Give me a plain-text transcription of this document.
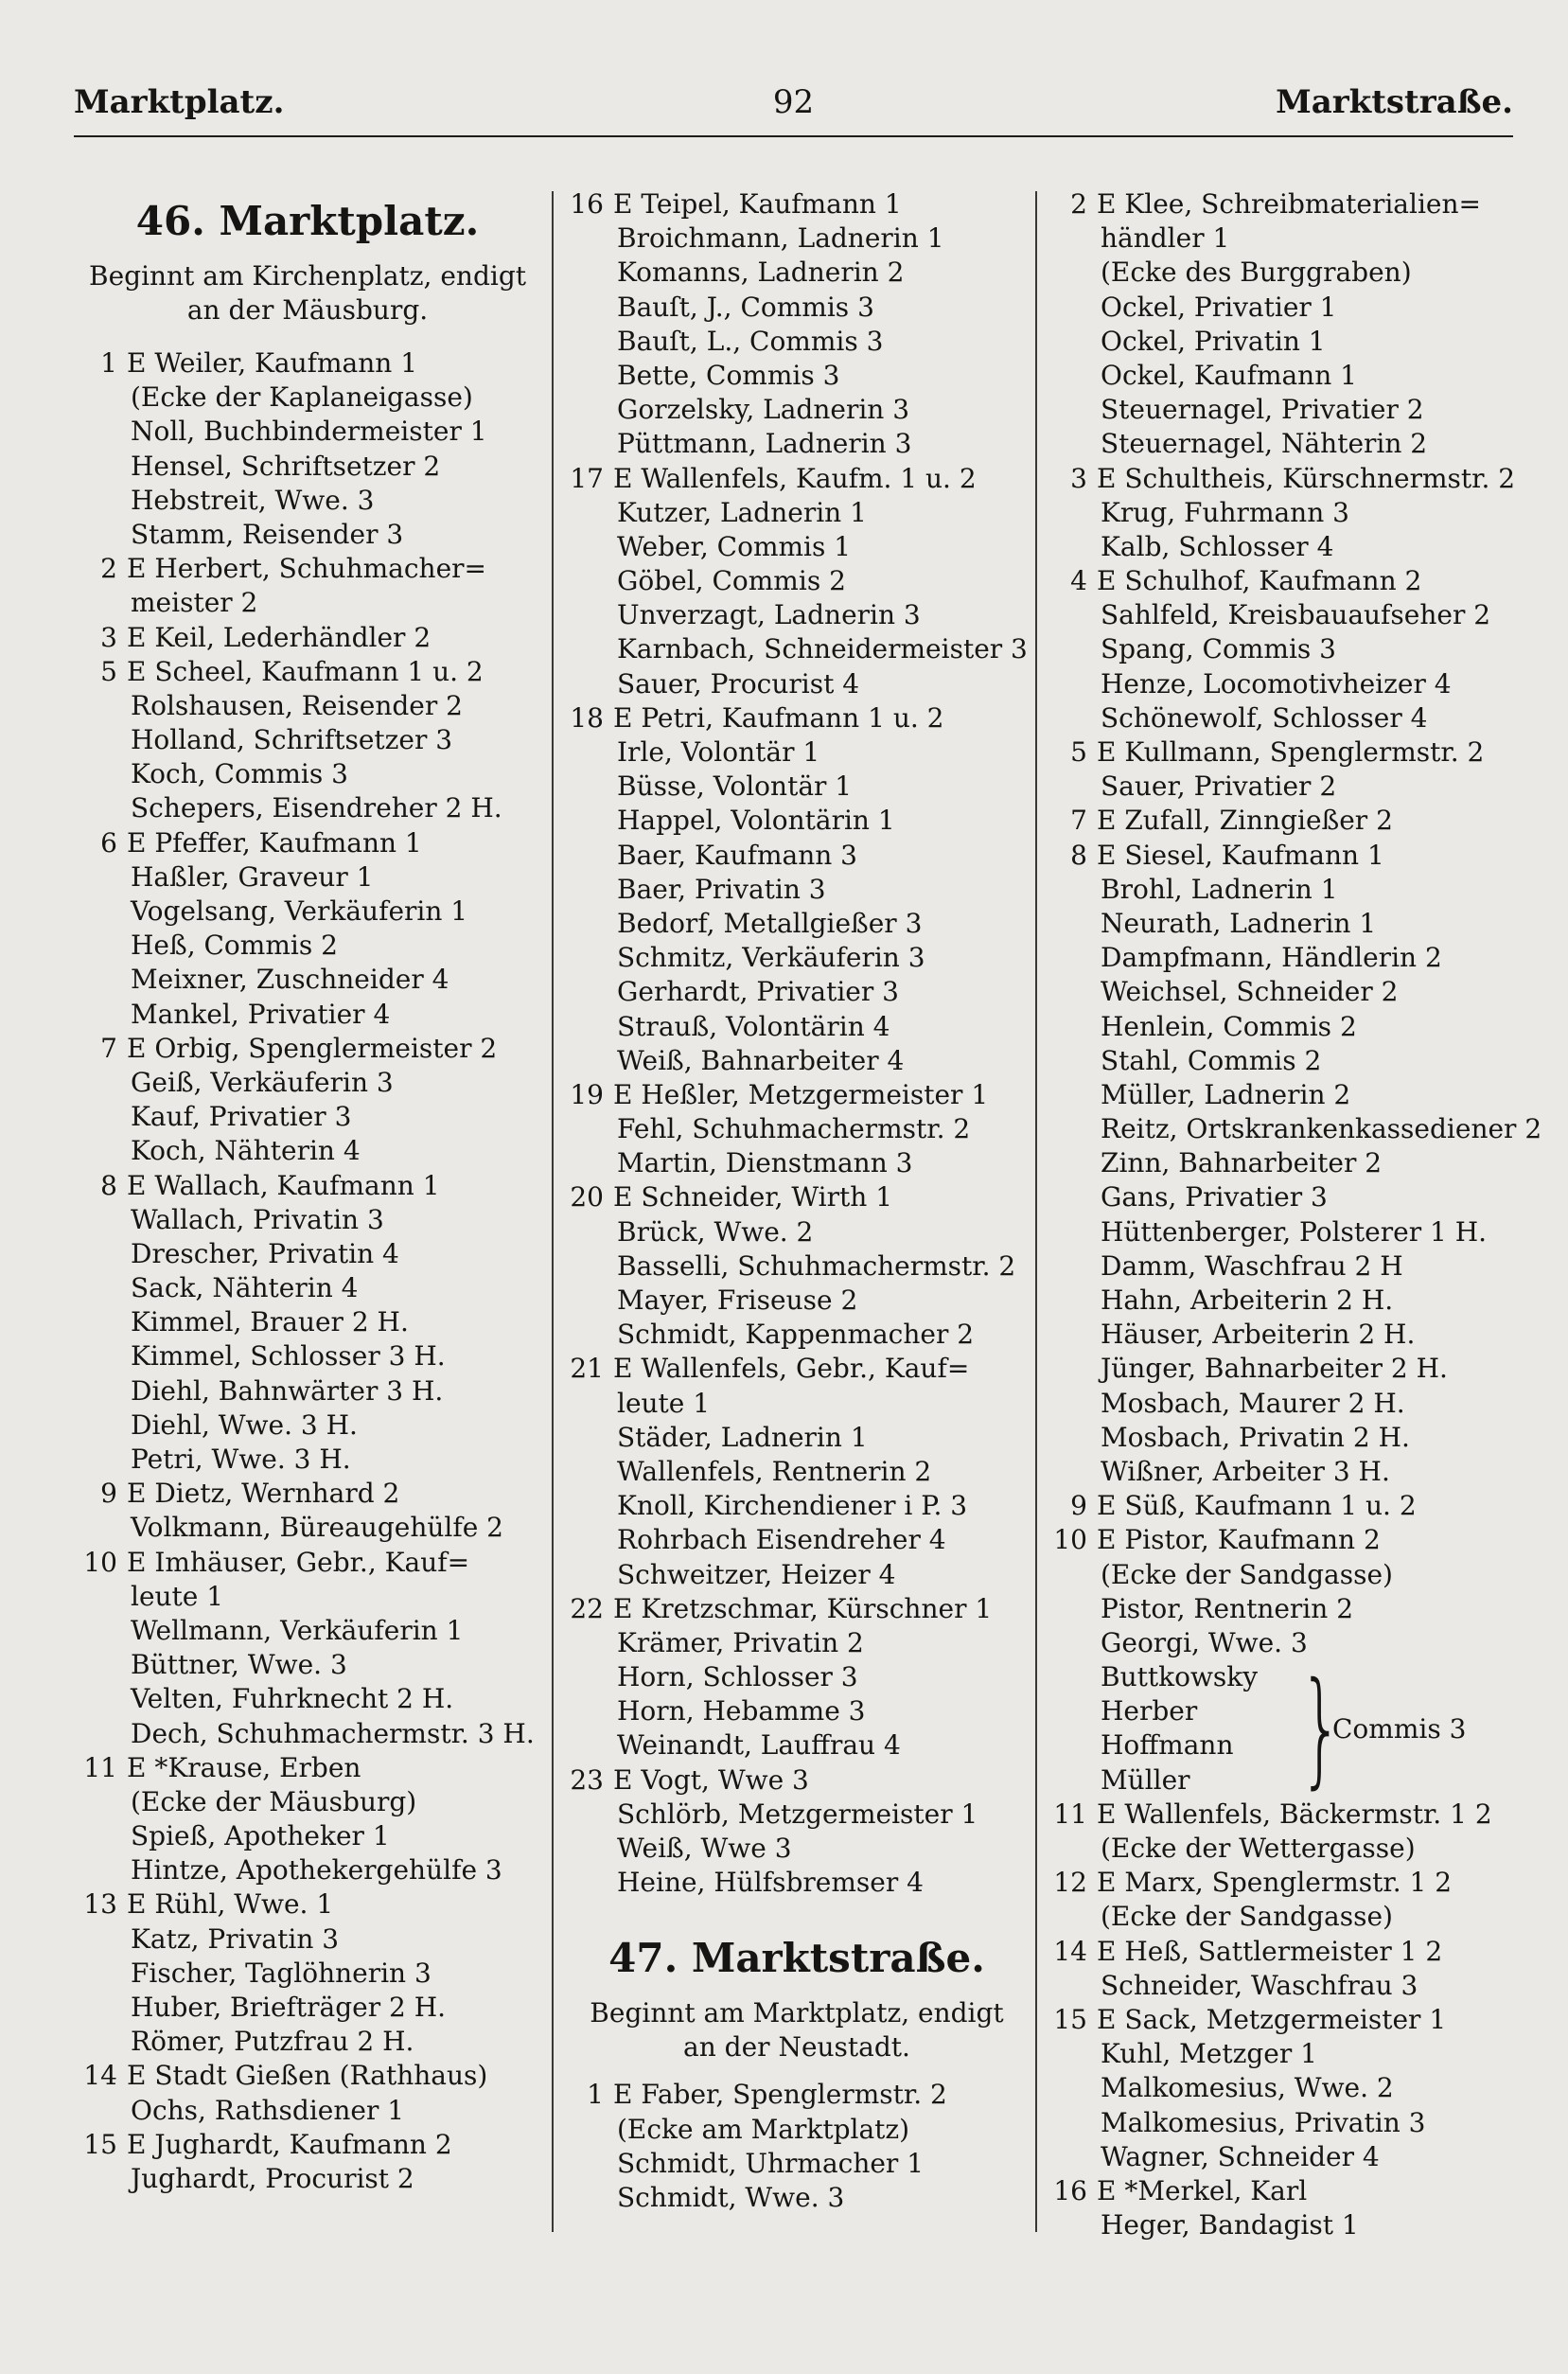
Marktplatz.	92	Marktstraße.
46. Marktplatz.
Beginnt am Kirchenplatz, endigt
an der Mäusburg.
1 E Weiler, Kaufmann 1
(Ecke der Kaplaneigasse)
Noll, Buchbindermeister 1
Hensel, Schriftsetzer 2
Hebstreit, Wwe. 3
Stamm, Reisender 3
2 E Herbert, Schuhmacher=
meister 2
3 E Keil, Lederhändler 2
5 E Scheel, Kaufmann 1 u. 2
Rolshausen, Reisender 2
Holland, Schriftsetzer 3
Koch, Commis 3
Schepers, Eisendreher 2 H.
6 E Pfeffer, Kaufmann 1
Haßler, Graveur 1
Vogelsang, Verkäuferin 1
Heß, Commis 2
Meixner, Zuschneider 4
Mankel, Privatier 4
7 E Orbig, Spenglermeister 2
Geiß, Verkäuferin 3
Kauf, Privatier 3
Koch, Nähterin 4
8 E Wallach, Kaufmann 1
Wallach, Privatin 3
Drescher, Privatin 4
Sack, Nähterin 4
Kimmel, Brauer 2 H.
Kimmel, Schlosser 3 H.
Diehl, Bahnwärter 3 H.
Diehl, Wwe. 3 H.
Petri, Wwe. 3 H.
9 E Dietz, Wernhard 2
Volkmann, Büreaugehülfe 2
10 E Imhäuser, Gebr., Kauf=
leute 1
Wellmann, Verkäuferin 1
Büttner, Wwe. 3
Velten, Fuhrknecht 2 H.
Dech, Schuhmachermstr. 3 H.
11 E *Krause, Erben
(Ecke der Mäusburg)
Spieß, Apotheker 1
Hintze, Apothekergehülfe 3
13 E Rühl, Wwe. 1
Katz, Privatin 3
Fischer, Taglöhnerin 3
Huber, Briefträger 2 H.
Römer, Putzfrau 2 H.
14 E Stadt Gießen (Rathhaus)
Ochs, Rathsdiener 1
15 E Jughardt, Kaufmann 2
Jughardt, Procurist 2
16 E Teipel, Kaufmann 1
Broichmann, Ladnerin 1
Komanns, Ladnerin 2
Bauſt, J., Commis 3
Bauſt, L., Commis 3
Bette, Commis 3
Gorzelsky, Ladnerin 3
Püttmann, Ladnerin 3
17 E Wallenfels, Kaufm. 1 u. 2
Kutzer, Ladnerin 1
Weber, Commis 1
Göbel, Commis 2
Unverzagt, Ladnerin 3
Karnbach, Schneidermeister 3
Sauer, Procurist 4
18 E Petri, Kaufmann 1 u. 2
Irle, Volontär 1
Büsse, Volontär 1
Happel, Volontärin 1
Baer, Kaufmann 3
Baer, Privatin 3
Bedorf, Metallgießer 3
Schmitz, Verkäuferin 3
Gerhardt, Privatier 3
Strauß, Volontärin 4
Weiß, Bahnarbeiter 4
19 E Heßler, Metzgermeister 1
Fehl, Schuhmachermstr. 2
Martin, Dienstmann 3
20 E Schneider, Wirth 1
Brück, Wwe. 2
Basselli, Schuhmachermstr. 2
Mayer, Friseuse 2
Schmidt, Kappenmacher 2
21 E Wallenfels, Gebr., Kauf=
leute 1
Städer, Ladnerin 1
Wallenfels, Rentnerin 2
Knoll, Kirchendiener i P. 3
Rohrbach Eisendreher 4
Schweitzer, Heizer 4
22 E Kretzschmar, Kürschner 1
Krämer, Privatin 2
Horn, Schlosser 3
Horn, Hebamme 3
Weinandt, Lauffrau 4
23 E Vogt, Wwe 3
Schlörb, Metzgermeister 1
Weiß, Wwe 3
Heine, Hülfsbremser 4
47. Marktstraße.
Beginnt am Marktplatz, endigt
an der Neustadt.
1 E Faber, Spenglermstr. 2
(Ecke am Marktplatz)
Schmidt, Uhrmacher 1
Schmidt, Wwe. 3
2 E Klee, Schreibmaterialien=
händler 1
(Ecke des Burggraben)
Ockel, Privatier 1
Ockel, Privatin 1
Ockel, Kaufmann 1
Steuernagel, Privatier 2
Steuernagel, Nähterin 2
3 E Schultheis, Kürschnermstr. 2
Krug, Fuhrmann 3
Kalb, Schlosser 4
4 E Schulhof, Kaufmann 2
Sahlfeld, Kreisbauaufseher 2
Spang, Commis 3
Henze, Locomotivheizer 4
Schönewolf, Schlosser 4
5 E Kullmann, Spenglermstr. 2
Sauer, Privatier 2
7 E Zufall, Zinngießer 2
8 E Siesel, Kaufmann 1
Brohl, Ladnerin 1
Neurath, Ladnerin 1
Dampfmann, Händlerin 2
Weichsel, Schneider 2
Henlein, Commis 2
Stahl, Commis 2
Müller, Ladnerin 2
Reitz, Ortskrankenkassediener 2
Zinn, Bahnarbeiter 2
Gans, Privatier 3
Hüttenberger, Polsterer 1 H.
Damm, Waschfrau 2 H
Hahn, Arbeiterin 2 H.
Häuser, Arbeiterin 2 H.
Jünger, Bahnarbeiter 2 H.
Mosbach, Maurer 2 H.
Mosbach, Privatin 2 H.
Wißner, Arbeiter 3 H.
9 E Süß, Kaufmann 1 u. 2
10 E Pistor, Kaufmann 2
(Ecke der Sandgasse)
Pistor, Rentnerin 2
Georgi, Wwe. 3
Buttkowsky
Herber
Hoffmann
Müller }
Commis 3
11 E Wallenfels, Bäckermstr. 1 2
(Ecke der Wettergasse)
12 E Marx, Spenglermstr. 1 2
(Ecke der Sandgasse)
14 E Heß, Sattlermeister 1 2
Schneider, Waschfrau 3
15 E Sack, Metzgermeister 1
Kuhl, Metzger 1
Malkomesius, Wwe. 2
Malkomesius, Privatin 3
Wagner, Schneider 4
16 E *Merkel, Karl
Heger, Bandagist 1
